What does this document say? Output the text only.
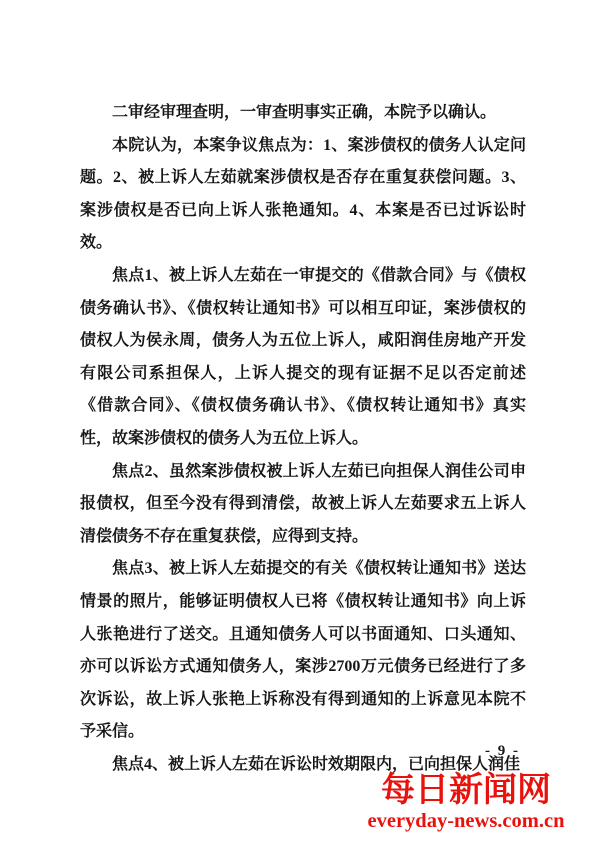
二审经审理查明，一审查明事实正确，本院予以确认。

本院认为，本案争议焦点为：1、案涉债权的债务人认定问题。2、被上诉人左茹就案涉债权是否存在重复获偿问题。3、案涉债权是否已向上诉人张艳通知。4、本案是否已过诉讼时效。

焦点1、被上诉人左茹在一审提交的《借款合同》与《债权债务确认书》、《债权转让通知书》可以相互印证，案涉债权的债权人为侯永周，债务人为五位上诉人，咸阳润佳房地产开发有限公司系担保人，上诉人提交的现有证据不足以否定前述《借款合同》、《债权债务确认书》、《债权转让通知书》真实性，故案涉债权的债务人为五位上诉人。

焦点2、虽然案涉债权被上诉人左茹已向担保人润佳公司申报债权，但至今没有得到清偿，故被上诉人左茹要求五上诉人清偿债务不存在重复获偿，应得到支持。

焦点3、被上诉人左茹提交的有关《债权转让通知书》送达情景的照片，能够证明债权人已将《债权转让通知书》向上诉人张艳进行了送交。且通知债务人可以书面通知、口头通知、亦可以诉讼方式通知债务人，案涉2700万元债务已经进行了多次诉讼，故上诉人张艳上诉称没有得到通知的上诉意见本院不予采信。

焦点4、被上诉人左茹在诉讼时效期限内，已向担保人润佳

- 9 -
每日新闻网
everyday-news.com.cn
